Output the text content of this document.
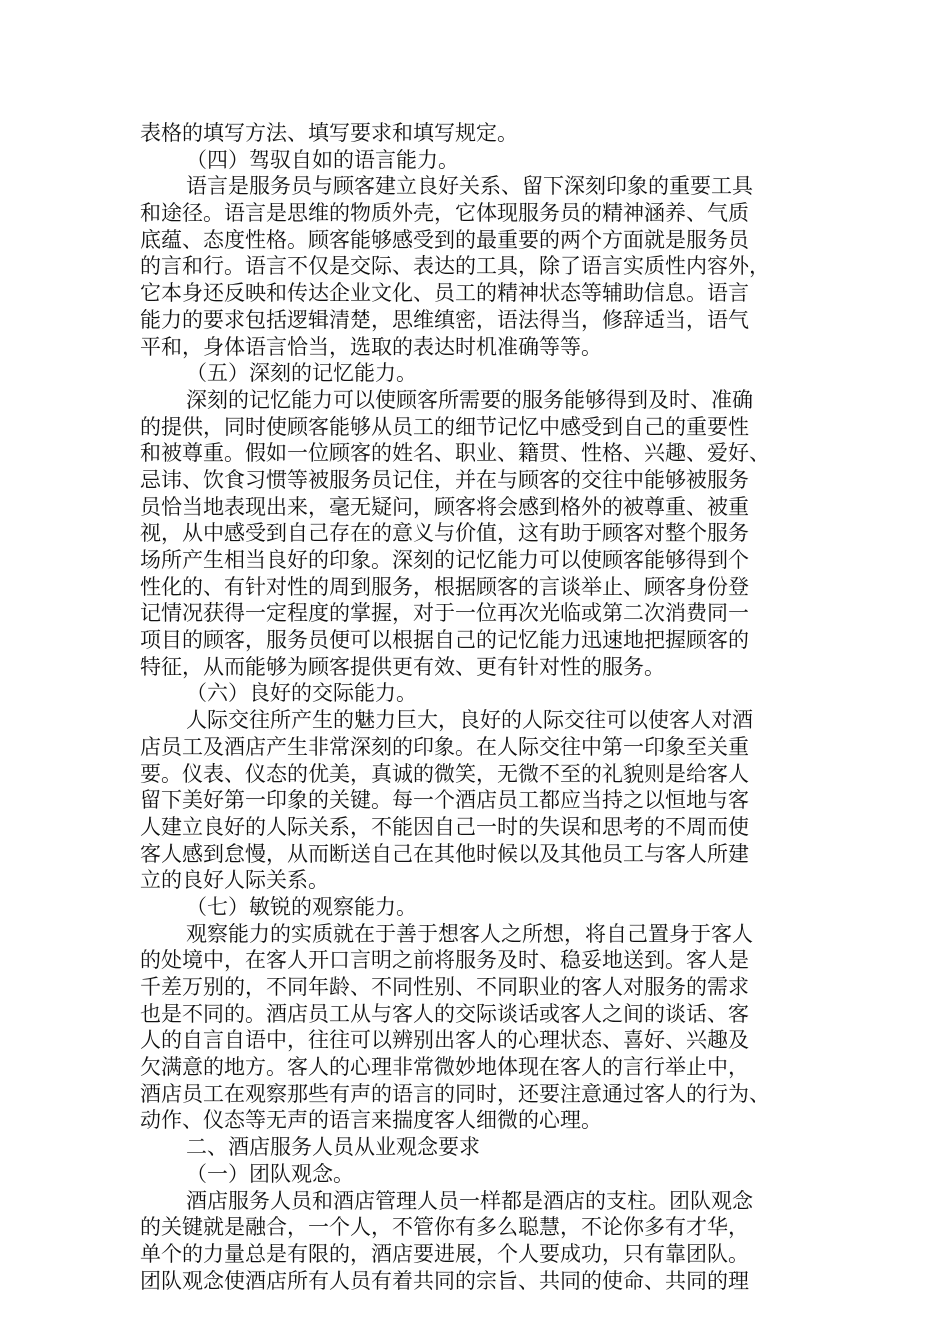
表格的填写方法、填写要求和填写规定。
（四）驾驭自如的语言能力。
语言是服务员与顾客建立良好关系、留下深刻印象的重要工具
和途径。语言是思维的物质外壳，它体现服务员的精神涵养、气质
底蕴、态度性格。顾客能够感受到的最重要的两个方面就是服务员
的言和行。语言不仅是交际、表达的工具，除了语言实质性内容外，
它本身还反映和传达企业文化、员工的精神状态等辅助信息。语言
能力的要求包括逻辑清楚，思维缜密，语法得当，修辞适当，语气
平和，身体语言恰当，选取的表达时机准确等等。
（五）深刻的记忆能力。
深刻的记忆能力可以使顾客所需要的服务能够得到及时、准确
的提供，同时使顾客能够从员工的细节记忆中感受到自己的重要性
和被尊重。假如一位顾客的姓名、职业、籍贯、性格、兴趣、爱好、
忌讳、饮食习惯等被服务员记住，并在与顾客的交往中能够被服务
员恰当地表现出来，毫无疑问，顾客将会感到格外的被尊重、被重
视，从中感受到自己存在的意义与价值，这有助于顾客对整个服务
场所产生相当良好的印象。深刻的记忆能力可以使顾客能够得到个
性化的、有针对性的周到服务，根据顾客的言谈举止、顾客身份登
记情况获得一定程度的掌握，对于一位再次光临或第二次消费同一
项目的顾客，服务员便可以根据自己的记忆能力迅速地把握顾客的
特征，从而能够为顾客提供更有效、更有针对性的服务。
（六）良好的交际能力。
人际交往所产生的魅力巨大，良好的人际交往可以使客人对酒
店员工及酒店产生非常深刻的印象。在人际交往中第一印象至关重
要。仪表、仪态的优美，真诚的微笑，无微不至的礼貌则是给客人
留下美好第一印象的关键。每一个酒店员工都应当持之以恒地与客
人建立良好的人际关系，不能因自己一时的失误和思考的不周而使
客人感到怠慢，从而断送自己在其他时候以及其他员工与客人所建
立的良好人际关系。
（七）敏锐的观察能力。
观察能力的实质就在于善于想客人之所想，将自己置身于客人
的处境中，在客人开口言明之前将服务及时、稳妥地送到。客人是
千差万别的，不同年龄、不同性别、不同职业的客人对服务的需求
也是不同的。酒店员工从与客人的交际谈话或客人之间的谈话、客
人的自言自语中，往往可以辨别出客人的心理状态、喜好、兴趣及
欠满意的地方。客人的心理非常微妙地体现在客人的言行举止中，
酒店员工在观察那些有声的语言的同时，还要注意通过客人的行为、
动作、仪态等无声的语言来揣度客人细微的心理。
二、酒店服务人员从业观念要求
（一）团队观念。
酒店服务人员和酒店管理人员一样都是酒店的支柱。团队观念
的关键就是融合，一个人，不管你有多么聪慧，不论你多有才华，
单个的力量总是有限的，酒店要进展，个人要成功，只有靠团队。
团队观念使酒店所有人员有着共同的宗旨、共同的使命、共同的理
